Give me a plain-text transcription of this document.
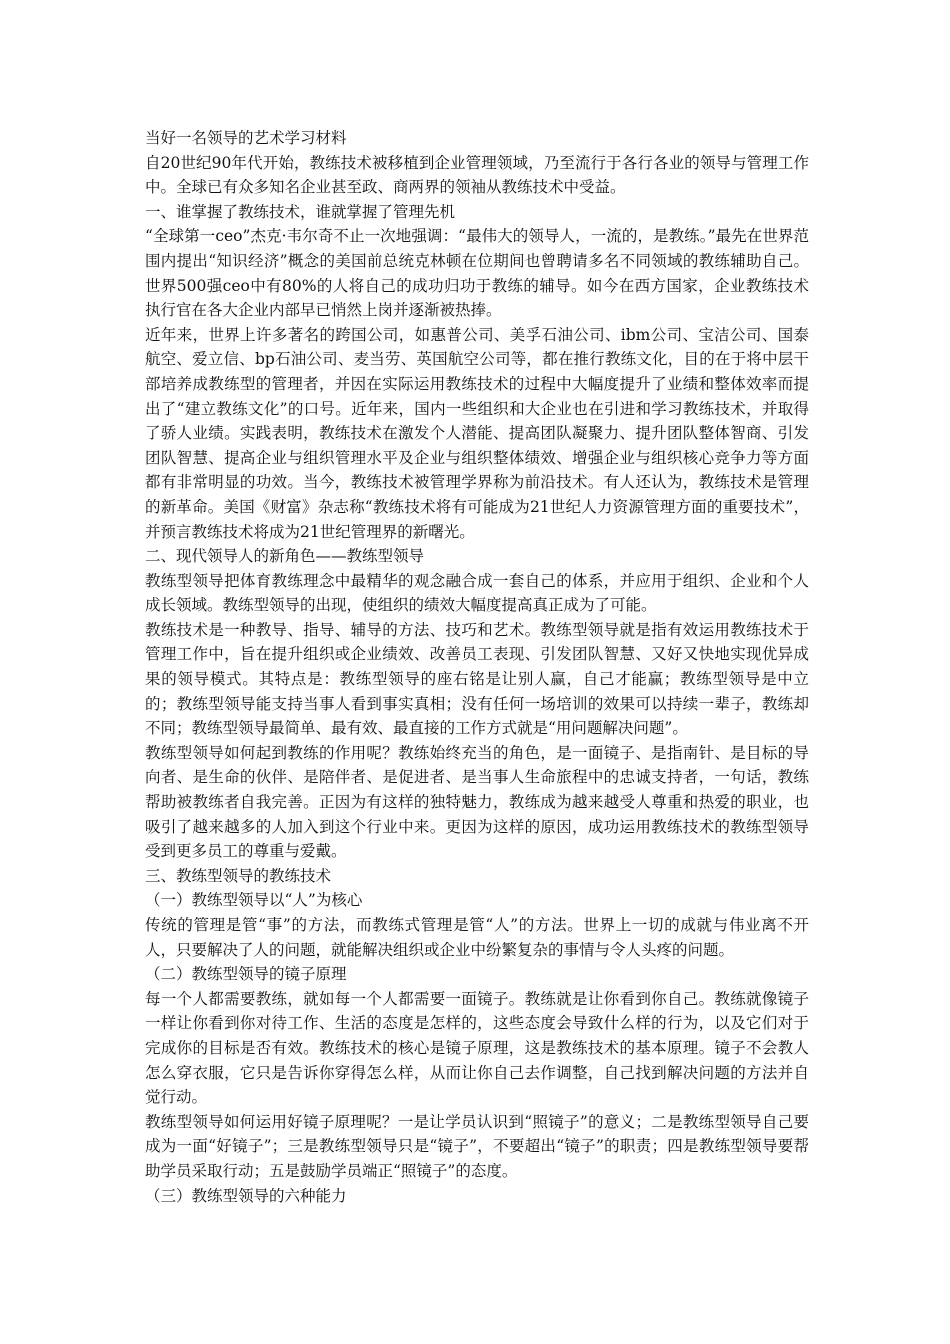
当好一名领导的艺术学习材料

自20世纪90年代开始，教练技术被移植到企业管理领域，乃至流行于各行各业的领导与管理工作中。全球已有众多知名企业甚至政、商两界的领袖从教练技术中受益。

一、谁掌握了教练技术，谁就掌握了管理先机

“全球第一ceo”杰克·韦尔奇不止一次地强调：“最伟大的领导人，一流的，是教练。”最先在世界范围内提出“知识经济”概念的美国前总统克林顿在位期间也曾聘请多名不同领域的教练辅助自己。世界500强ceo中有80%的人将自己的成功归功于教练的辅导。如今在西方国家，企业教练技术执行官在各大企业内部早已悄然上岗并逐渐被热捧。

近年来，世界上许多著名的跨国公司，如惠普公司、美孚石油公司、ibm公司、宝洁公司、国泰航空、爱立信、bp石油公司、麦当劳、英国航空公司等，都在推行教练文化，目的在于将中层干部培养成教练型的管理者，并因在实际运用教练技术的过程中大幅度提升了业绩和整体效率而提出了“建立教练文化”的口号。近年来，国内一些组织和大企业也在引进和学习教练技术，并取得了骄人业绩。实践表明，教练技术在激发个人潜能、提高团队凝聚力、提升团队整体智商、引发团队智慧、提高企业与组织管理水平及企业与组织整体绩效、增强企业与组织核心竞争力等方面都有非常明显的功效。当今，教练技术被管理学界称为前沿技术。有人还认为，教练技术是管理的新革命。美国《财富》杂志称“教练技术将有可能成为21世纪人力资源管理方面的重要技术”，并预言教练技术将成为21世纪管理界的新曙光。

二、现代领导人的新角色——教练型领导

教练型领导把体育教练理念中最精华的观念融合成一套自己的体系，并应用于组织、企业和个人成长领域。教练型领导的出现，使组织的绩效大幅度提高真正成为了可能。

教练技术是一种教导、指导、辅导的方法、技巧和艺术。教练型领导就是指有效运用教练技术于管理工作中，旨在提升组织或企业绩效、改善员工表现、引发团队智慧、又好又快地实现优异成果的领导模式。其特点是：教练型领导的座右铭是让别人赢，自己才能赢；教练型领导是中立的；教练型领导能支持当事人看到事实真相；没有任何一场培训的效果可以持续一辈子，教练却不同；教练型领导最简单、最有效、最直接的工作方式就是“用问题解决问题”。

教练型领导如何起到教练的作用呢？教练始终充当的角色，是一面镜子、是指南针、是目标的导向者、是生命的伙伴、是陪伴者、是促进者、是当事人生命旅程中的忠诚支持者，一句话，教练帮助被教练者自我完善。正因为有这样的独特魅力，教练成为越来越受人尊重和热爱的职业，也吸引了越来越多的人加入到这个行业中来。更因为这样的原因，成功运用教练技术的教练型领导受到更多员工的尊重与爱戴。

三、教练型领导的教练技术

（一）教练型领导以“人”为核心

传统的管理是管“事”的方法，而教练式管理是管“人”的方法。世界上一切的成就与伟业离不开人，只要解决了人的问题，就能解决组织或企业中纷繁复杂的事情与令人头疼的问题。

（二）教练型领导的镜子原理

每一个人都需要教练，就如每一个人都需要一面镜子。教练就是让你看到你自己。教练就像镜子一样让你看到你对待工作、生活的态度是怎样的，这些态度会导致什么样的行为，以及它们对于完成你的目标是否有效。教练技术的核心是镜子原理，这是教练技术的基本原理。镜子不会教人怎么穿衣服，它只是告诉你穿得怎么样，从而让你自己去作调整，自己找到解决问题的方法并自觉行动。

教练型领导如何运用好镜子原理呢？一是让学员认识到“照镜子”的意义；二是教练型领导自己要成为一面“好镜子”；三是教练型领导只是“镜子”，不要超出“镜子”的职责；四是教练型领导要帮助学员采取行动；五是鼓励学员端正“照镜子”的态度。

（三）教练型领导的六种能力
